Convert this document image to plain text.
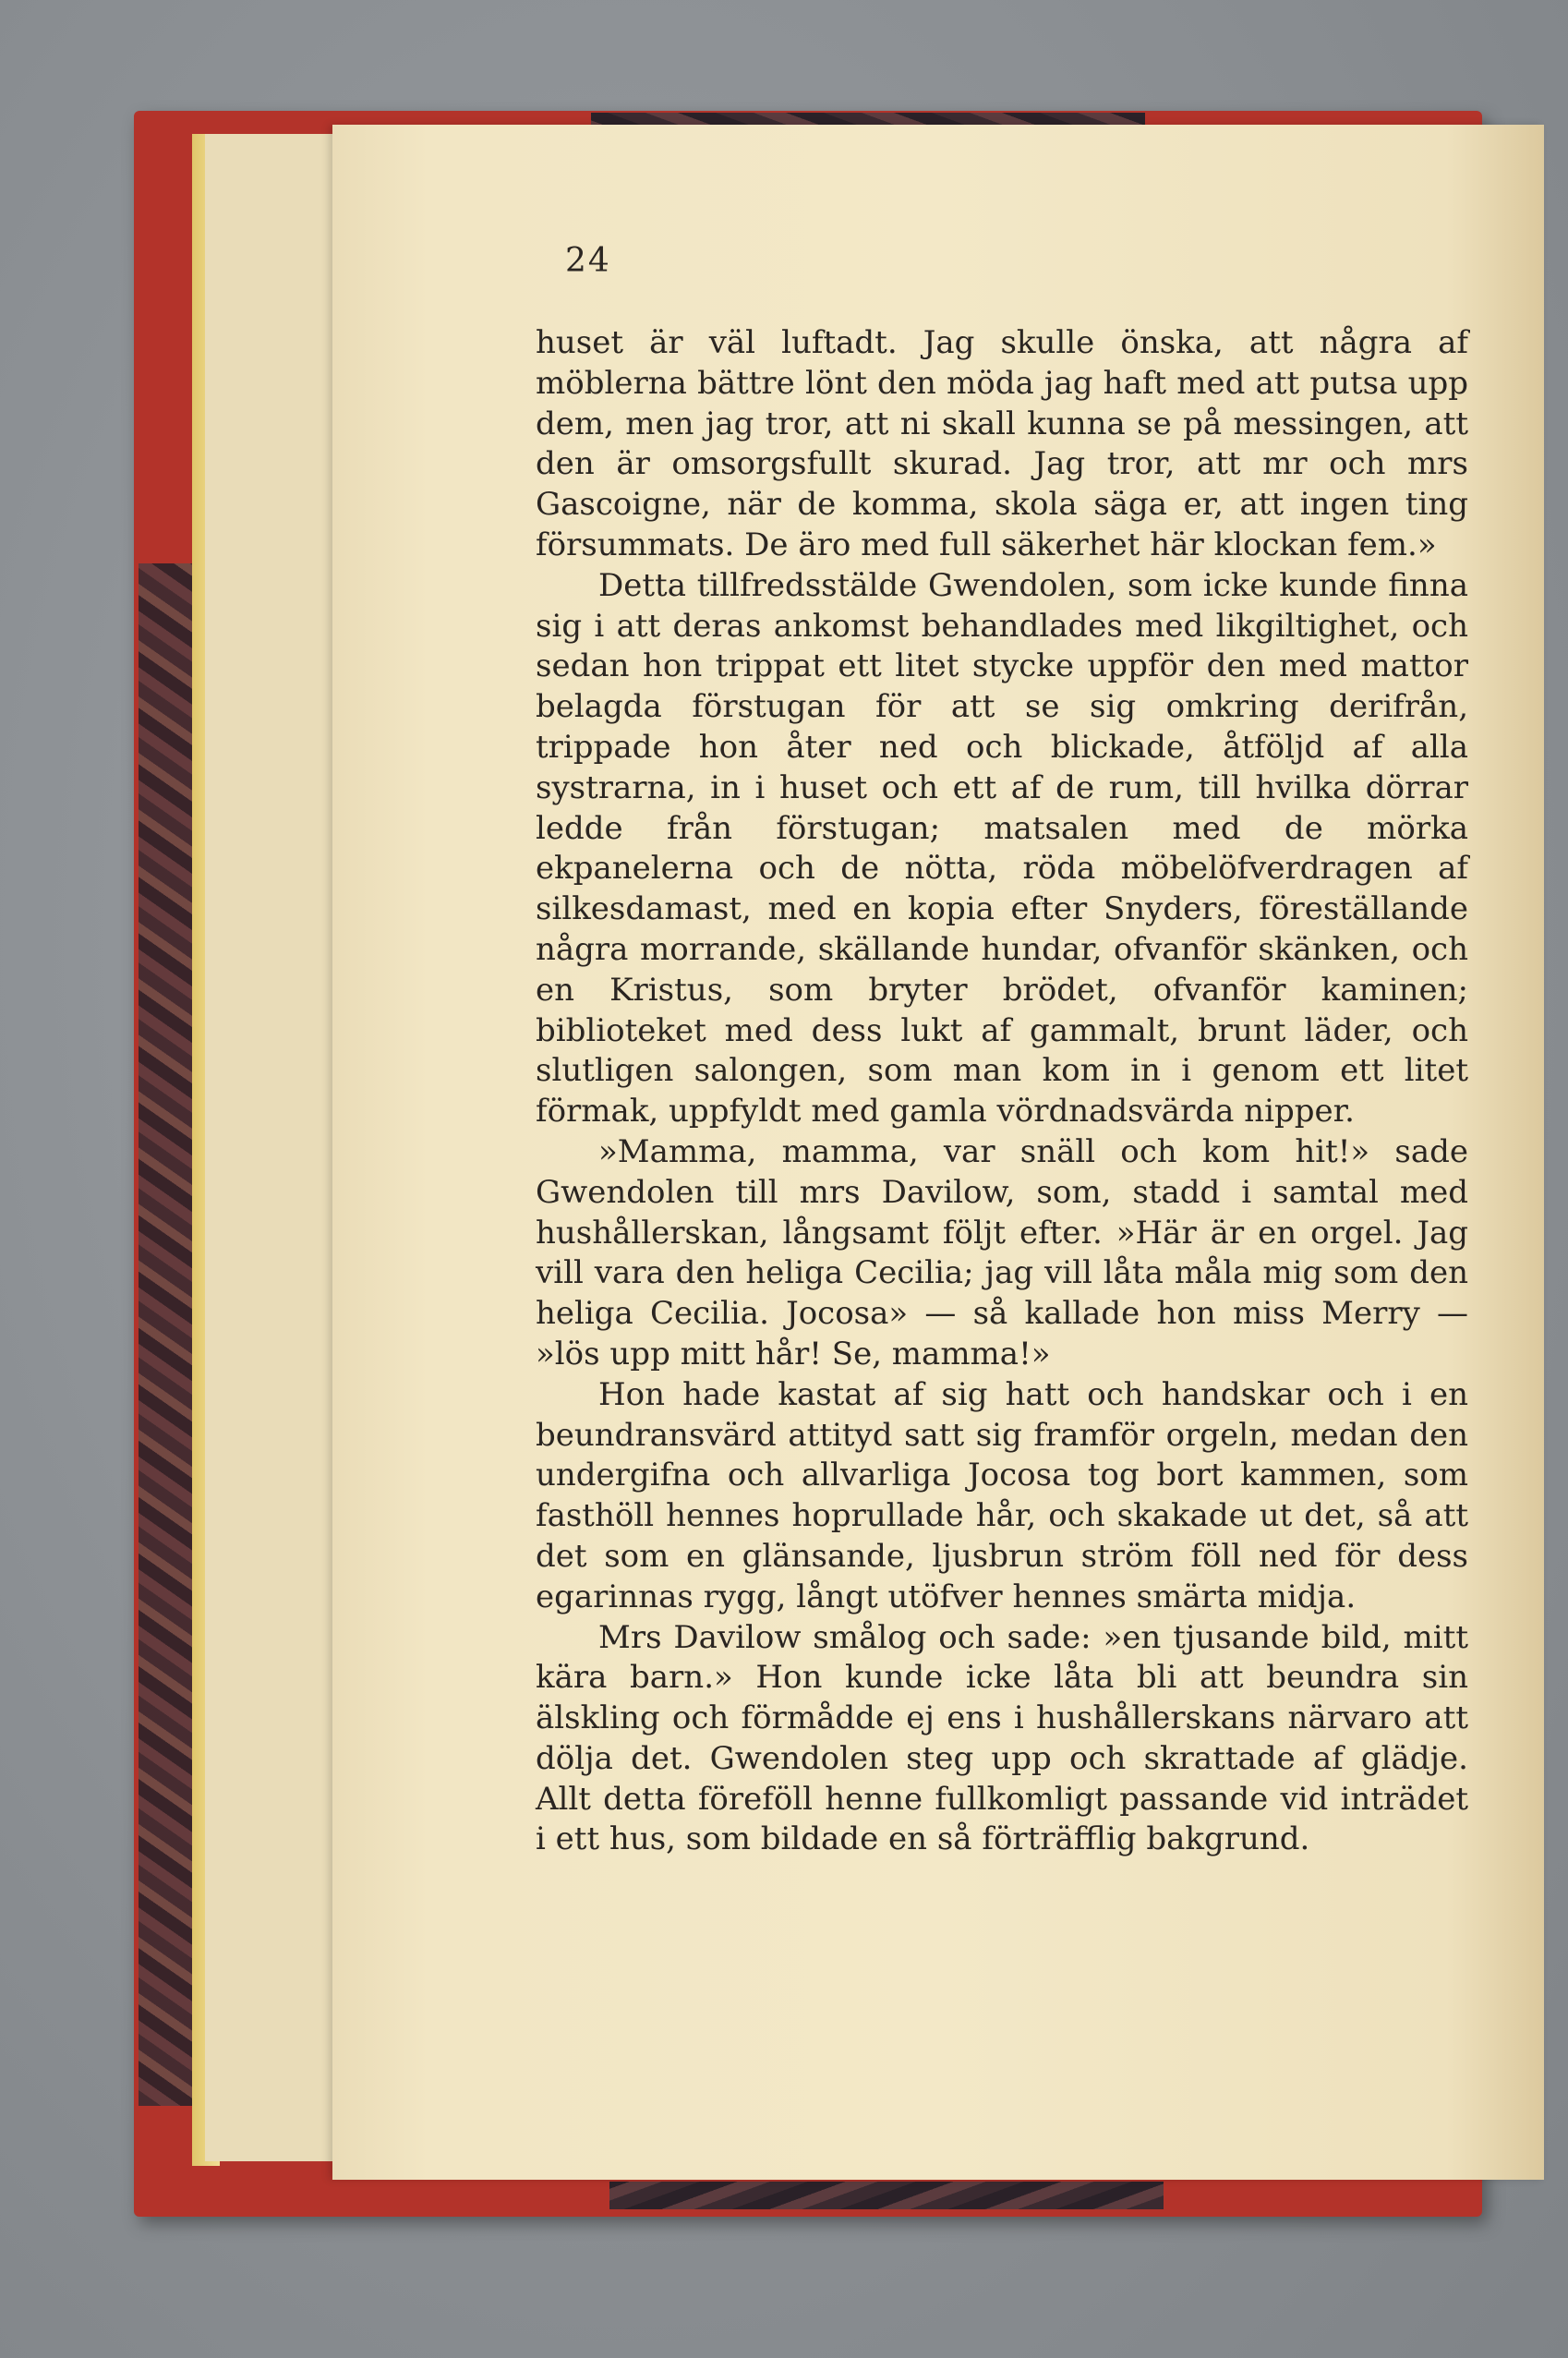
24

huset är väl luftadt. Jag skulle önska, att några af möblerna bättre lönt den möda jag haft med att putsa upp dem, men jag tror, att ni skall kunna se på messingen, att den är omsorgsfullt skurad. Jag tror, att mr och mrs Gascoigne, när de komma, skola säga er, att ingen ting försummats. De äro med full säkerhet här klockan fem.»

Detta tillfredsstälde Gwendolen, som icke kunde finna sig i att deras ankomst behandlades med likgiltighet, och sedan hon trippat ett litet stycke uppför den med mattor belagda förstugan för att se sig omkring derifrån, trippade hon åter ned och blickade, åtföljd af alla systrarna, in i huset och ett af de rum, till hvilka dörrar ledde från förstugan; matsalen med de mörka ekpanelerna och de nötta, röda möbelöfverdragen af silkesdamast, med en kopia efter Snyders, föreställande några morrande, skällande hundar, ofvanför skänken, och en Kristus, som bryter brödet, ofvanför kaminen; biblioteket med dess lukt af gammalt, brunt läder, och slutligen salongen, som man kom in i genom ett litet förmak, uppfyldt med gamla vördnadsvärda nipper.

»Mamma, mamma, var snäll och kom hit!» sade Gwendolen till mrs Davilow, som, stadd i samtal med hushållerskan, långsamt följt efter. »Här är en orgel. Jag vill vara den heliga Cecilia; jag vill låta måla mig som den heliga Cecilia. Jocosa» — så kallade hon miss Merry — »lös upp mitt hår! Se, mamma!»

Hon hade kastat af sig hatt och handskar och i en beundransvärd attityd satt sig framför orgeln, medan den undergifna och allvarliga Jocosa tog bort kammen, som fasthöll hennes hoprullade hår, och skakade ut det, så att det som en glänsande, ljusbrun ström föll ned för dess egarinnas rygg, långt utöfver hennes smärta midja.

Mrs Davilow smålog och sade: »en tjusande bild, mitt kära barn.» Hon kunde icke låta bli att beundra sin älskling och förmådde ej ens i hushållerskans närvaro att dölja det. Gwendolen steg upp och skrattade af glädje. Allt detta föreföll henne fullkomligt passande vid inträdet i ett hus, som bildade en så förträfflig bakgrund.
